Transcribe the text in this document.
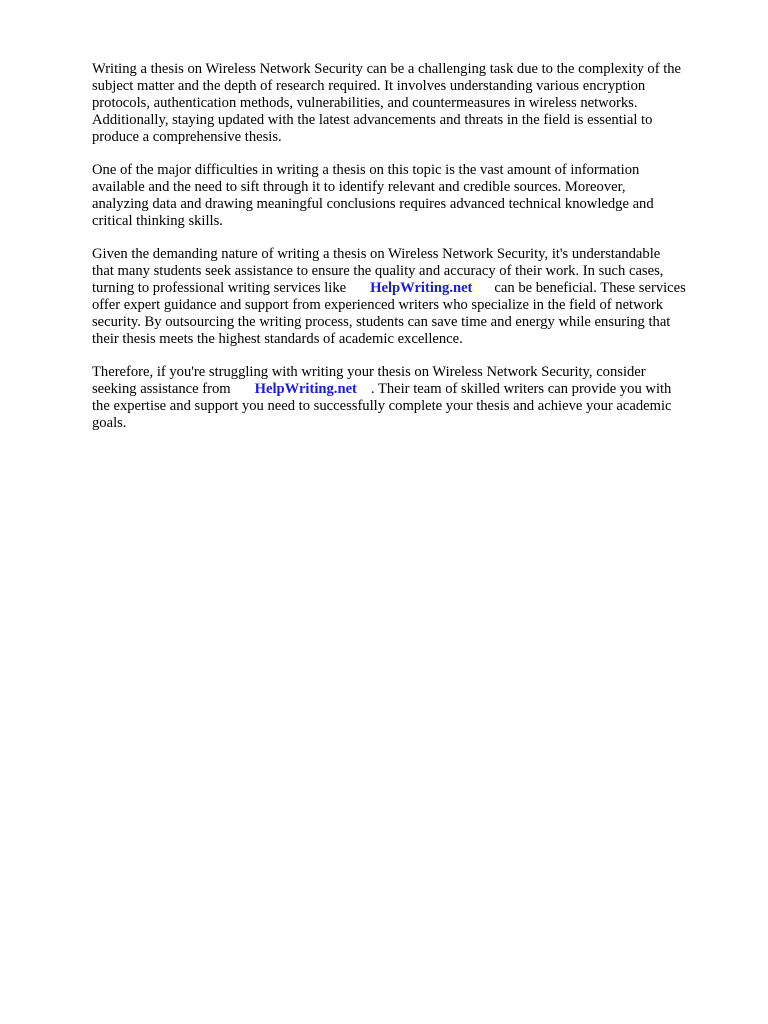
Writing a thesis on Wireless Network Security can be a challenging task due to the complexity of the
subject matter and the depth of research required. It involves understanding various encryption
protocols, authentication methods, vulnerabilities, and countermeasures in wireless networks.
Additionally, staying updated with the latest advancements and threats in the field is essential to
produce a comprehensive thesis.

One of the major difficulties in writing a thesis on this topic is the vast amount of information
available and the need to sift through it to identify relevant and credible sources. Moreover,
analyzing data and drawing meaningful conclusions requires advanced technical knowledge and
critical thinking skills.

Given the demanding nature of writing a thesis on Wireless Network Security, it's understandable
that many students seek assistance to ensure the quality and accuracy of their work. In such cases,
turning to professional writing services like HelpWriting.net can be beneficial. These services
offer expert guidance and support from experienced writers who specialize in the field of network
security. By outsourcing the writing process, students can save time and energy while ensuring that
their thesis meets the highest standards of academic excellence.

Therefore, if you're struggling with writing your thesis on Wireless Network Security, consider
seeking assistance from HelpWriting.net . Their team of skilled writers can provide you with
the expertise and support you need to successfully complete your thesis and achieve your academic
goals.
